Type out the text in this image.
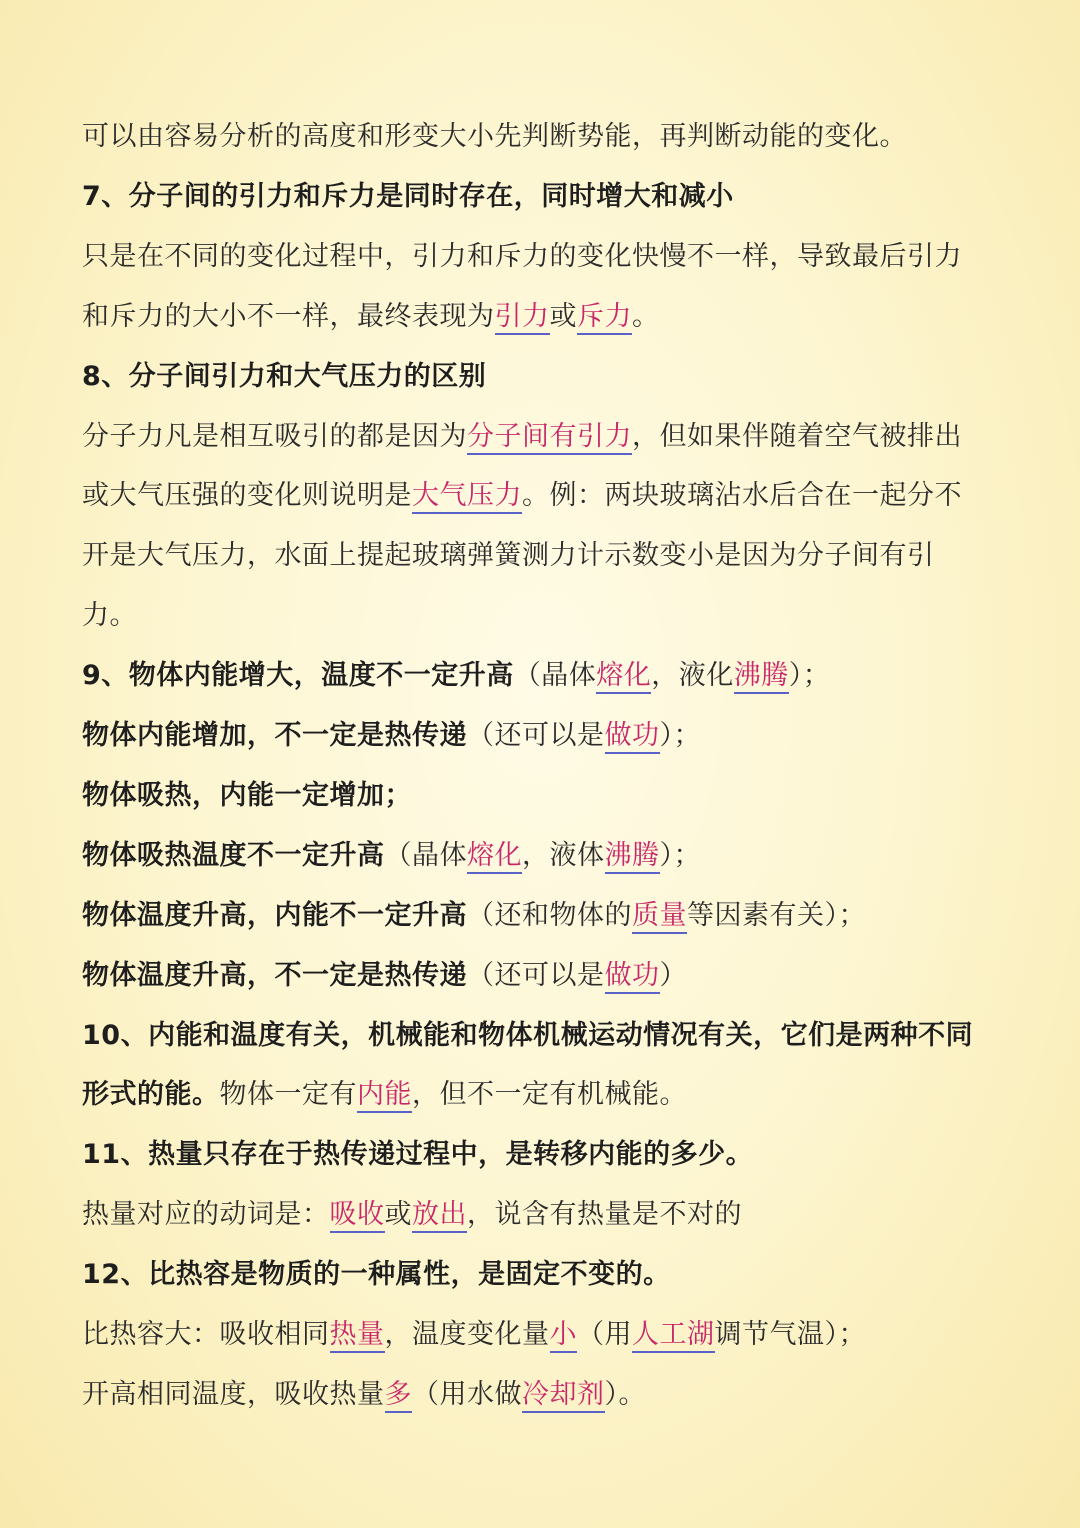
可以由容易分析的高度和形变大小先判断势能，再判断动能的变化。
7、分子间的引力和斥力是同时存在，同时增大和减小
只是在不同的变化过程中，引力和斥力的变化快慢不一样，导致最后引力
和斥力的大小不一样，最终表现为引力或斥力。
8、分子间引力和大气压力的区别
分子力凡是相互吸引的都是因为分子间有引力，但如果伴随着空气被排出
或大气压强的变化则说明是大气压力。例：两块玻璃沾水后合在一起分不
开是大气压力，水面上提起玻璃弹簧测力计示数变小是因为分子间有引
力。
9、物体内能增大，温度不一定升高（晶体熔化，液化沸腾）；
物体内能增加，不一定是热传递（还可以是做功）；
物体吸热，内能一定增加；
物体吸热温度不一定升高（晶体熔化，液体沸腾）；
物体温度升高，内能不一定升高（还和物体的质量等因素有关）；
物体温度升高，不一定是热传递（还可以是做功）
10、内能和温度有关，机械能和物体机械运动情况有关，它们是两种不同
形式的能。物体一定有内能，但不一定有机械能。
11、热量只存在于热传递过程中，是转移内能的多少。
热量对应的动词是：吸收或放出，说含有热量是不对的
12、比热容是物质的一种属性，是固定不变的。
比热容大：吸收相同热量，温度变化量小（用人工湖调节气温）；
开高相同温度，吸收热量多（用水做冷却剂）。
